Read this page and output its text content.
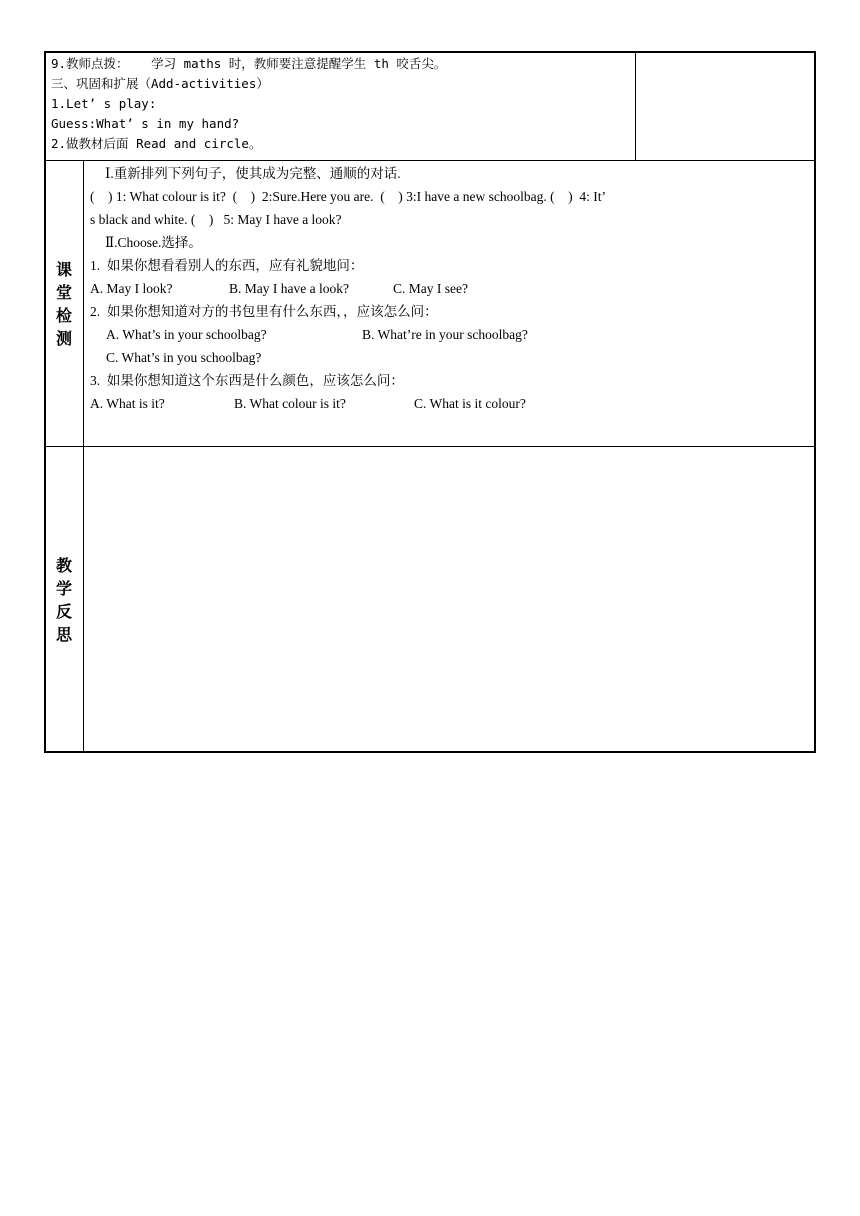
9.教师点拨：   学习 maths 时，教师要注意提醒学生 th 咬舌尖。
三、巩固和扩展（Add-activities）
1.Let’ s play:
Guess:What’ s in my hand?
2.做教材后面 Read and circle。
课
堂
检
测
Ⅰ.重新排列下列句子，使其成为完整、通顺的对话.
(    ) 1: What colour is it?  (    )  2:Sure.Here you are.  (    ) 3:I have a new schoolbag. (    )  4: It’
s black and white. (    )   5: May I have a look?
Ⅱ.Choose.选择。
1.  如果你想看看别人的东西，应有礼貌地问：
A. May I look?	B. May I have a look?	C. May I see?
2.  如果你想知道对方的书包里有什么东西，，应该怎么问：
A. What’s in your schoolbag?	B. What’re in your schoolbag?
C. What’s in you schoolbag?
3.  如果你想知道这个东西是什么颜色，应该怎么问：
A. What is it?	B. What colour is it?	C. What is it colour?
教
学
反
思
